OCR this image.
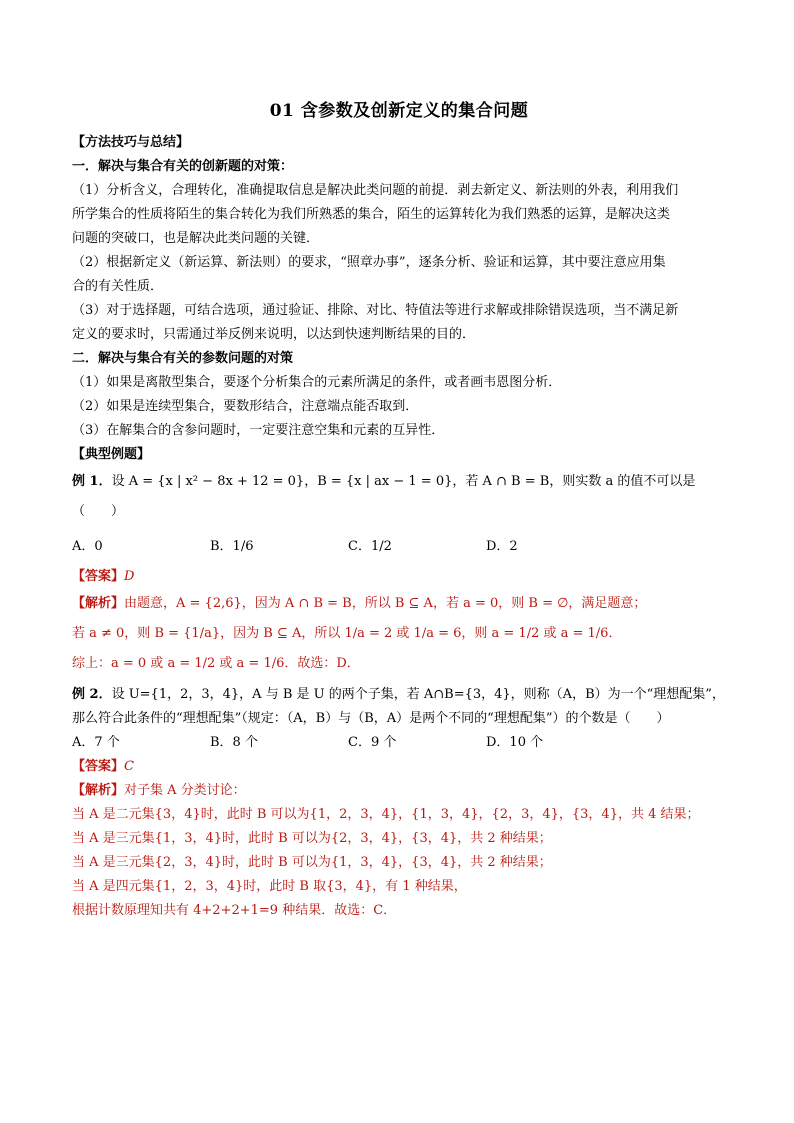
01 含参数及创新定义的集合问题
【方法技巧与总结】
一．解决与集合有关的创新题的对策：
（1）分析含义，合理转化，准确提取信息是解决此类问题的前提．剥去新定义、新法则的外表，利用我们
所学集合的性质将陌生的集合转化为我们所熟悉的集合，陌生的运算转化为我们熟悉的运算，是解决这类
问题的突破口，也是解决此类问题的关键．
（2）根据新定义（新运算、新法则）的要求，“照章办事”，逐条分析、验证和运算，其中要注意应用集
合的有关性质．
（3）对于选择题，可结合选项，通过验证、排除、对比、特值法等进行求解或排除错误选项，当不满足新
定义的要求时，只需通过举反例来说明，以达到快速判断结果的目的．
二．解决与集合有关的参数问题的对策
（1）如果是离散型集合，要逐个分析集合的元素所满足的条件，或者画韦恩图分析．
（2）如果是连续型集合，要数形结合，注意端点能否取到．
（3）在解集合的含参问题时，一定要注意空集和元素的互异性．
【典型例题】
例 1．设 A = {x | x² − 8x + 12 = 0}，B = {x | ax − 1 = 0}，若 A ∩ B = B，则实数 a 的值不可以是（　　）
A．0	B．1/6	C．1/2	D．2
【答案】D
【解析】由题意，A = {2,6}，因为 A ∩ B = B，所以 B ⊆ A，若 a = 0，则 B = ∅，满足题意；
若 a ≠ 0，则 B = {1/a}，因为 B ⊆ A，所以 1/a = 2 或 1/a = 6，则 a = 1/2 或 a = 1/6．
综上：a = 0 或 a = 1/2 或 a = 1/6．故选：D．
例 2．设 U={1，2，3，4}，A 与 B 是 U 的两个子集，若 A∩B={3，4}，则称（A，B）为一个“理想配集”，
那么符合此条件的“理想配集”（规定：（A，B）与（B，A）是两个不同的“理想配集”）的个数是（　　）
A．7 个	B．8 个	C．9 个	D．10 个
【答案】C
【解析】对子集 A 分类讨论：
当 A 是二元集{3，4}时，此时 B 可以为{1，2，3，4}，{1，3，4}，{2，3，4}，{3，4}，共 4 结果；
当 A 是三元集{1，3，4}时，此时 B 可以为{2，3，4}，{3，4}，共 2 种结果；
当 A 是三元集{2，3，4}时，此时 B 可以为{1，3，4}，{3，4}，共 2 种结果；
当 A 是四元集{1，2，3，4}时，此时 B 取{3，4}，有 1 种结果，
根据计数原理知共有 4+2+2+1=9 种结果．故选：C．
